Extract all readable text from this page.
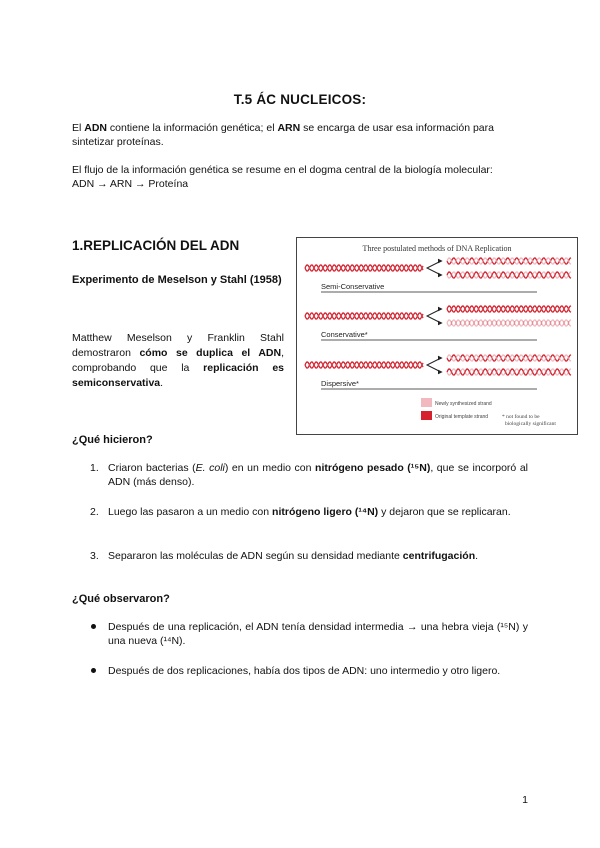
T.5 ÁC NUCLEICOS:
El ADN contiene la información genética; el ARN se encarga de usar esa información para sintetizar proteínas.
El flujo de la información genética se resume en el dogma central de la biología molecular:
ADN → ARN → Proteína
1.REPLICACIÓN DEL ADN
Experimento de Meselson y Stahl (1958)
Matthew Meselson y Franklin Stahl demostraron cómo se duplica el ADN, comprobando que la replicación es semiconservativa.
Three postulated methods of DNA Replication
Semi-Conservative
Conservative*
Dispersive*
Newly synthesized strand
Original template strand	* not found to be
biologically significant
¿Qué hicieron?
1. Criaron bacterias (E. coli) en un medio con nitrógeno pesado (¹⁵N), que se incorporó al ADN (más denso).
2. Luego las pasaron a un medio con nitrógeno ligero (¹⁴N) y dejaron que se replicaran.
3. Separaron las moléculas de ADN según su densidad mediante centrifugación.
¿Qué observaron?
Después de una replicación, el ADN tenía densidad intermedia → una hebra vieja (¹⁵N) y una nueva (¹⁴N).
Después de dos replicaciones, había dos tipos de ADN: uno intermedio y otro ligero.
1
